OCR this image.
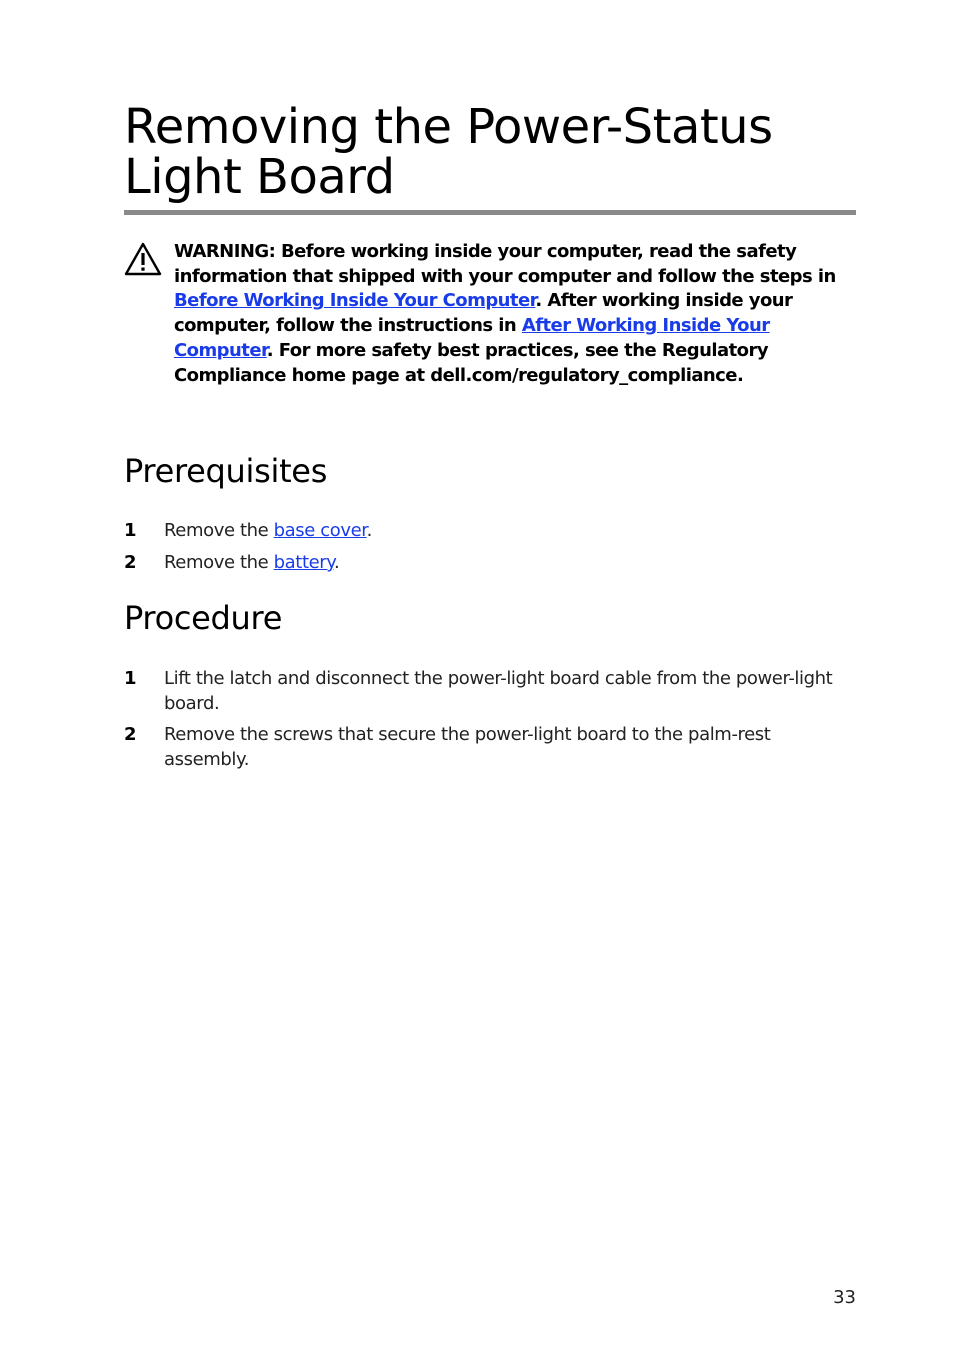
Removing the Power-Status Light Board

WARNING: Before working inside your computer, read the safety information that shipped with your computer and follow the steps in Before Working Inside Your Computer. After working inside your computer, follow the instructions in After Working Inside Your Computer. For more safety best practices, see the Regulatory Compliance home page at dell.com/regulatory_compliance.

Prerequisites
1 Remove the base cover.
2 Remove the battery.
Procedure
1 Lift the latch and disconnect the power-light board cable from the power-light board.
2 Remove the screws that secure the power-light board to the palm-rest assembly.
33
